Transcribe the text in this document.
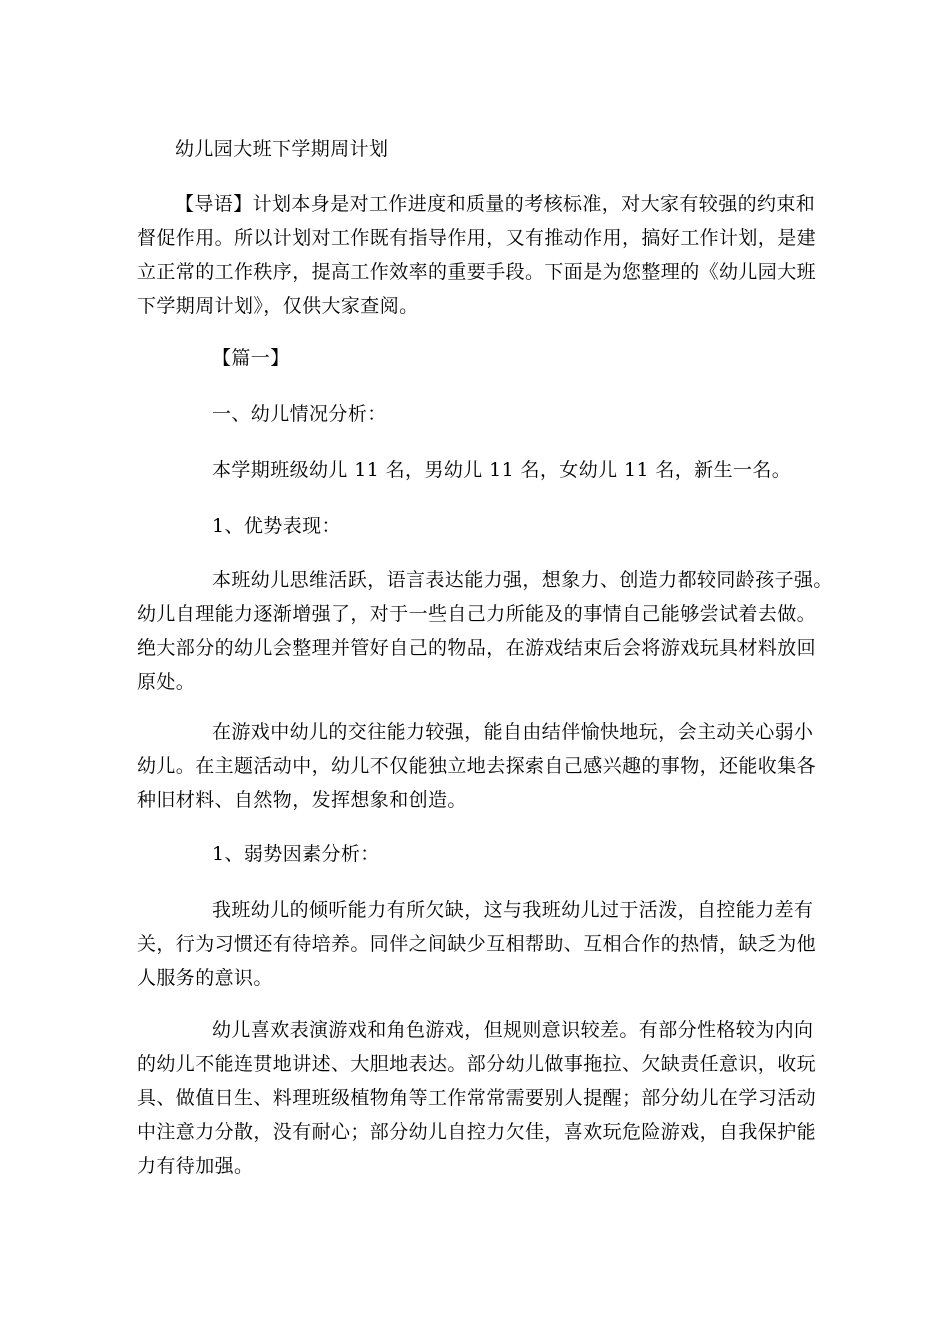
幼儿园大班下学期周计划
【导语】计划本身是对工作进度和质量的考核标准，对大家有较强的约束和
督促作用。所以计划对工作既有指导作用，又有推动作用，搞好工作计划，是建
立正常的工作秩序，提高工作效率的重要手段。下面是为您整理的《幼儿园大班
下学期周计划》，仅供大家查阅。
【篇一】
一、幼儿情况分析：
本学期班级幼儿 11 名，男幼儿 11 名，女幼儿 11 名，新生一名。
1、优势表现：
本班幼儿思维活跃，语言表达能力强，想象力、创造力都较同龄孩子强。
幼儿自理能力逐渐增强了，对于一些自己力所能及的事情自己能够尝试着去做。
绝大部分的幼儿会整理并管好自己的物品，在游戏结束后会将游戏玩具材料放回
原处。
在游戏中幼儿的交往能力较强，能自由结伴愉快地玩，会主动关心弱小
幼儿。在主题活动中，幼儿不仅能独立地去探索自己感兴趣的事物，还能收集各
种旧材料、自然物，发挥想象和创造。
1、弱势因素分析：
我班幼儿的倾听能力有所欠缺，这与我班幼儿过于活泼，自控能力差有
关，行为习惯还有待培养。同伴之间缺少互相帮助、互相合作的热情，缺乏为他
人服务的意识。
幼儿喜欢表演游戏和角色游戏，但规则意识较差。有部分性格较为内向
的幼儿不能连贯地讲述、大胆地表达。部分幼儿做事拖拉、欠缺责任意识，收玩
具、做值日生、料理班级植物角等工作常常需要别人提醒；部分幼儿在学习活动
中注意力分散，没有耐心；部分幼儿自控力欠佳，喜欢玩危险游戏，自我保护能
力有待加强。
